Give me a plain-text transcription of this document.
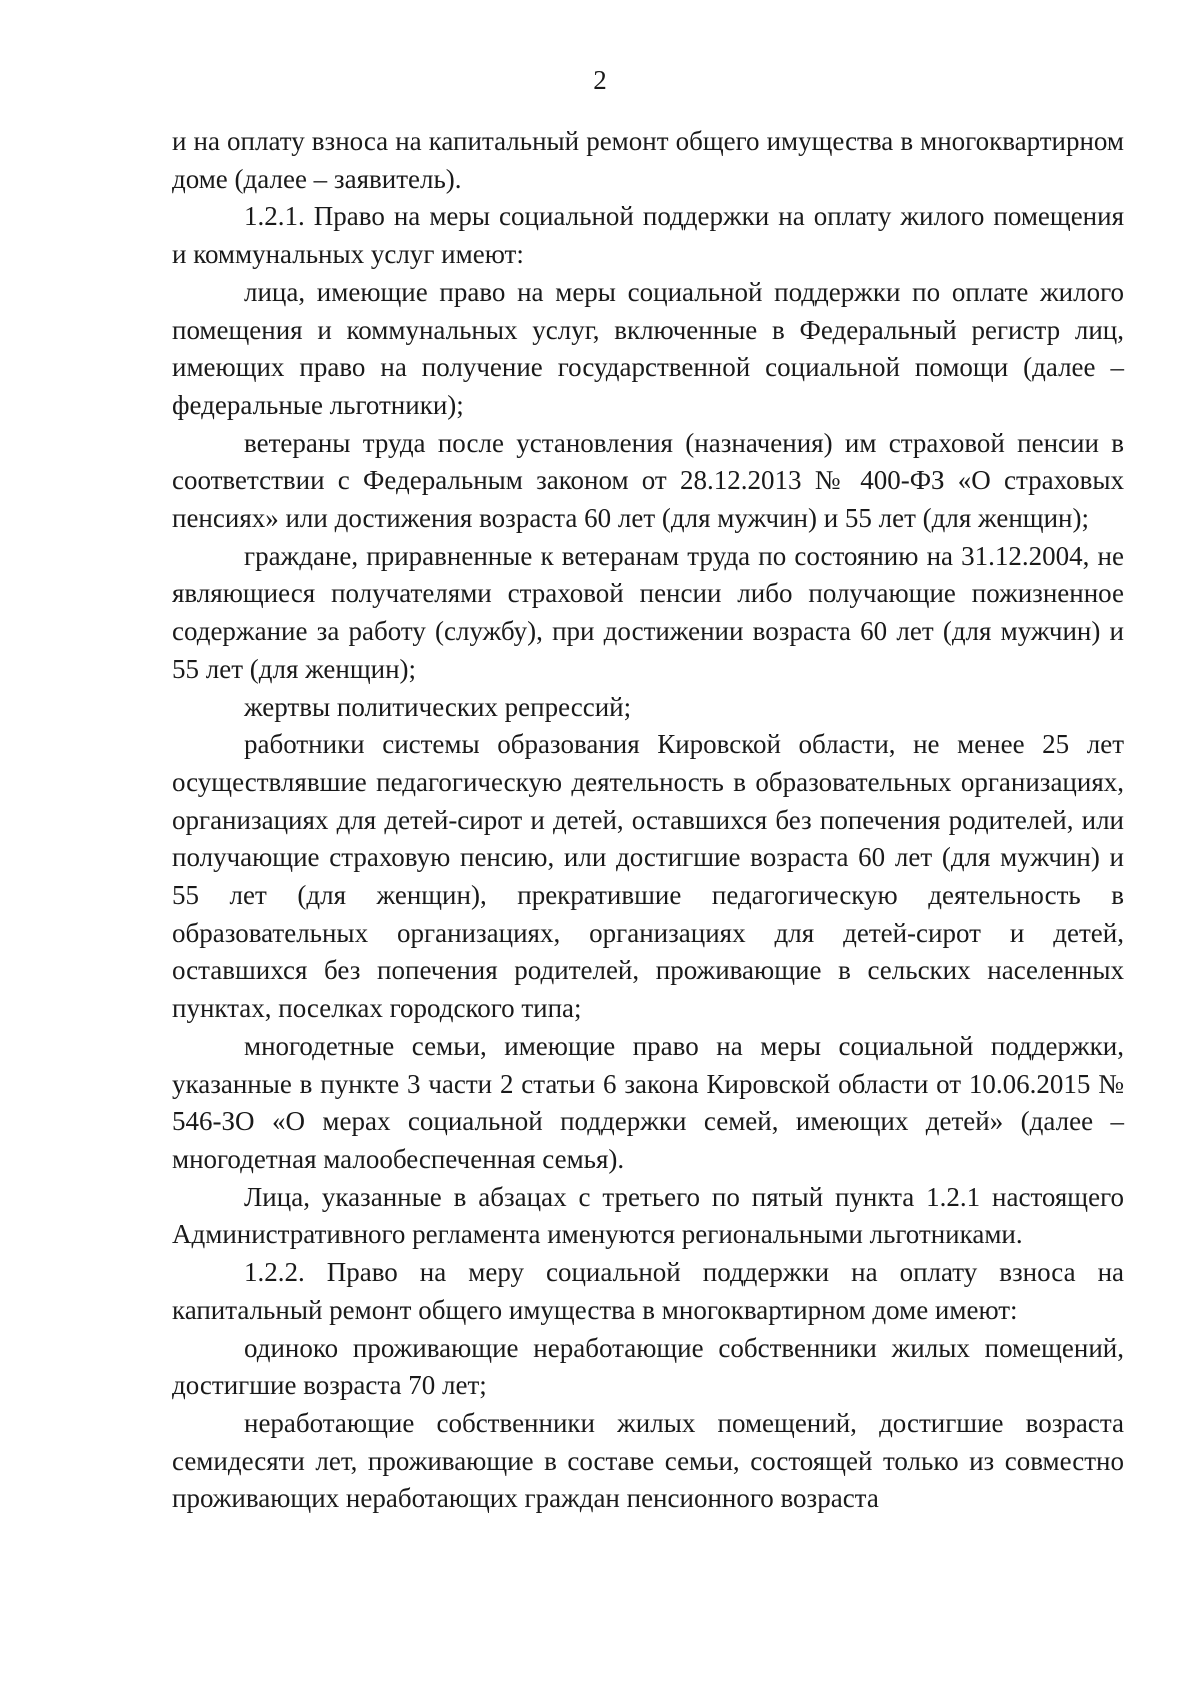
2

и на оплату взноса на капитальный ремонт общего имущества в многоквартирном доме (далее – заявитель).

1.2.1. Право на меры социальной поддержки на оплату жилого помещения и коммунальных услуг имеют:

лица, имеющие право на меры социальной поддержки по оплате жилого помещения и коммунальных услуг, включенные в Федеральный регистр лиц, имеющих право на получение государственной социальной помощи (далее – федеральные льготники);

ветераны труда после установления (назначения) им страховой пенсии в соответствии с Федеральным законом от 28.12.2013 № 400-ФЗ «О страховых пенсиях» или достижения возраста 60 лет (для мужчин) и 55 лет (для женщин);

граждане, приравненные к ветеранам труда по состоянию на 31.12.2004, не являющиеся получателями страховой пенсии либо получающие пожизненное содержание за работу (службу), при достижении возраста 60 лет (для мужчин) и 55 лет (для женщин);

жертвы политических репрессий;

работники системы образования Кировской области, не менее 25 лет осуществлявшие педагогическую деятельность в образовательных организациях, организациях для детей-сирот и детей, оставшихся без попечения родителей, или получающие страховую пенсию, или достигшие возраста 60 лет (для мужчин) и 55 лет (для женщин), прекратившие педагогическую деятельность в образовательных организациях, организациях для детей-сирот и детей, оставшихся без попечения родителей, проживающие в сельских населенных пунктах, поселках городского типа;

многодетные семьи, имеющие право на меры социальной поддержки, указанные в пункте 3 части 2 статьи 6 закона Кировской области от 10.06.2015 № 546-ЗО «О мерах социальной поддержки семей, имеющих детей» (далее – многодетная малообеспеченная семья).

Лица, указанные в абзацах с третьего по пятый пункта 1.2.1 настоящего Административного регламента именуются региональными льготниками.

1.2.2. Право на меру социальной поддержки на оплату взноса на капитальный ремонт общего имущества в многоквартирном доме имеют:

одиноко проживающие неработающие собственники жилых помещений, достигшие возраста 70 лет;

неработающие собственники жилых помещений, достигшие возраста семидесяти лет, проживающие в составе семьи, состоящей только из совместно проживающих неработающих граждан пенсионного возраста
